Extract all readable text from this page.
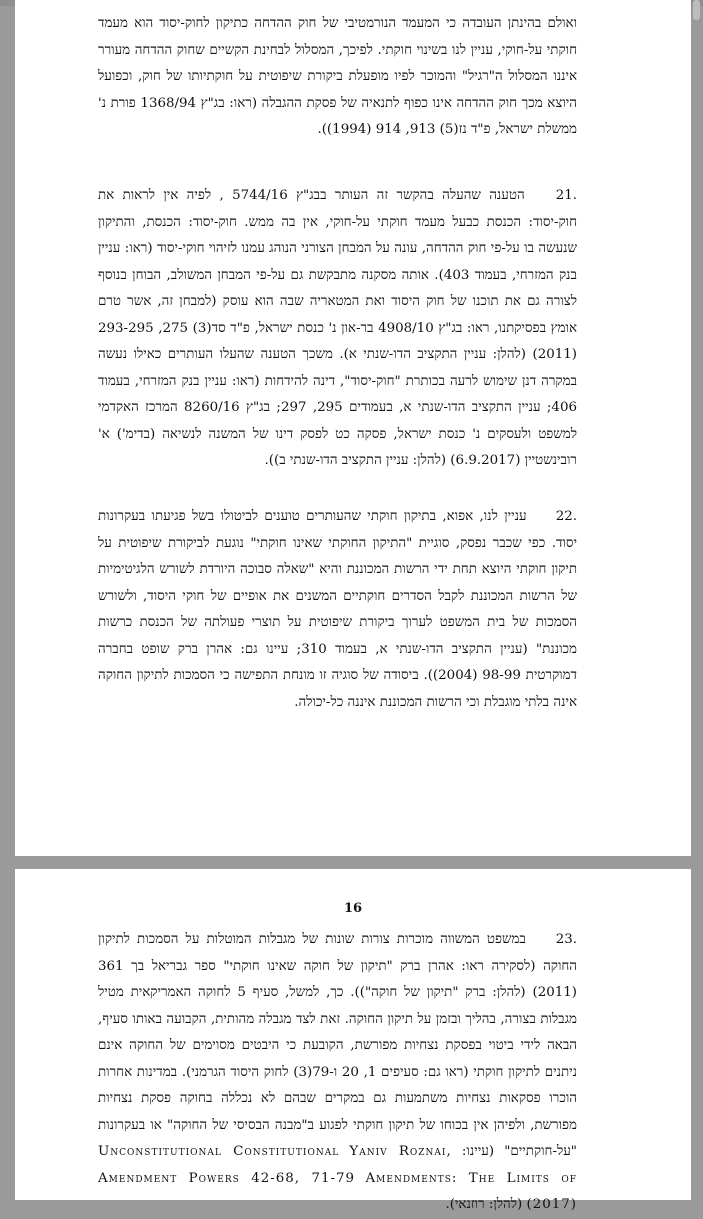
ואולם בהינתן העובדה כי המעמד הנורמטיבי של חוק ההדחה כתיקון לחוק-יסוד הוא מעמד חוקתי על-חוקי, עניין לנו בשינוי חוקתי. לפיכך, המסלול לבחינת הקשיים שחוק ההדחה מעורר איננו המסלול ה"רגיל" והמוכר לפיו מופעלת ביקורת שיפוטית על חוקתיותו של חוק, וכפועל היוצא מכך חוק ההדחה אינו כפוף לתנאיה של פסקת ההגבלה (ראו: בג"ץ 1368/94 פורת נ' ממשלת ישראל, פ"ד נז(5) 913, 914 (1994)).

21. הטענה שהעלה בהקשר זה העותר בבג"ץ 5744/16 , לפיה אין לראות את חוק-יסוד: הכנסת כבעל מעמד חוקתי על-חוקי, אין בה ממש. חוק-יסוד: הכנסת, והתיקון שנעשה בו על-פי חוק ההדחה, עונה על המבחן הצורני הנוהג עמנו לזיהוי חוקי-יסוד (ראו: עניין בנק המזרחי, בעמוד 403). אותה מסקנה מתבקשת גם על-פי המבחן המשולב, הבוחן בנוסף לצורה גם את תוכנו של חוק היסוד ואת המטאריה שבה הוא עוסק (למבחן זה, אשר טרם אומץ בפסיקתנו, ראו: בג"ץ 4908/10 בר-און נ' כנסת ישראל, פ"ד סד(3) 275, 293-295 (2011) (להלן: עניין התקציב הדו-שנתי א). משכך הטענה שהעלו העותרים כאילו נעשה במקרה דנן שימוש לרעה בכותרת "חוק-יסוד", דינה להידחות (ראו: עניין בנק המזרחי, בעמוד 406; עניין התקציב הדו-שנתי א, בעמודים 295, 297; בג"ץ 8260/16 המרכז האקדמי למשפט ולעסקים נ' כנסת ישראל, פסקה כט לפסק דינו של המשנה לנשיאה (בדימ') א' רובינשטיין (6.9.2017) (להלן: עניין התקציב הדו-שנתי ב)).

22. עניין לנו, אפוא, בתיקון חוקתי שהעותרים טוענים לביטולו בשל פגיעתו בעקרונות יסוד. כפי שכבר נפסק, סוגיית "התיקון החוקתי שאינו חוקתי" נוגעת לביקורת שיפוטית על תיקון חוקתי היוצא תחת ידי הרשות המכוננת והיא "שאלה סבוכה היורדת לשורש הלגיטימיות של הרשות המכוננת לקבל הסדרים חוקתיים המשנים את אופיים של חוקי היסוד, ולשורש הסמכות של בית המשפט לערוך ביקורת שיפוטית על תוצרי פעולתה של הכנסת כרשות מכוננת" (עניין התקציב הדו-שנתי א, בעמוד 310; עיינו גם: אהרן ברק שופט בחברה דמוקרטית 98-99 (2004)). ביסודה של סוגיה זו מונחת התפישה כי הסמכות לתיקון החוקה אינה בלתי מוגבלת וכי הרשות המכוננת איננה כל-יכולה.

16

23. במשפט המשווה מוכרות צורות שונות של מגבלות המוטלות על הסמכות לתיקון החוקה (לסקירה ראו: אהרן ברק "תיקון של חוקה שאינו חוקתי" ספר גבריאל בך 361 (2011) (להלן: ברק "תיקון של חוקה")). כך, למשל, סעיף 5 לחוקה האמריקאית מטיל מגבלות בצורה, בהליך ובזמן על תיקון החוקה. זאת לצד מגבלה מהותית, הקבועה באותו סעיף, הבאה לידי ביטוי בפסקת נצחיות מפורשת, הקובעת כי היבטים מסוימים של החוקה אינם ניתנים לתיקון חוקתי (ראו גם: סעיפים 1, 20 ו-79(3) לחוק היסוד הגרמני). במדינות אחרות הוכרו פסקאות נצחיות משתמעות גם במקרים שבהם לא נכללה בחוקה פסקת נצחיות מפורשת, ולפיהן אין בכוחו של תיקון חוקתי לפגוע ב"מבנה הבסיסי של החוקה" או בעקרונות "על-חוקתיים" (עיינו: Yaniv Roznai, Unconstitutional Constitutional Amendments: The Limits of Amendment Powers 42-68, 71-79 (2017) (להלן: רוזנאי).
